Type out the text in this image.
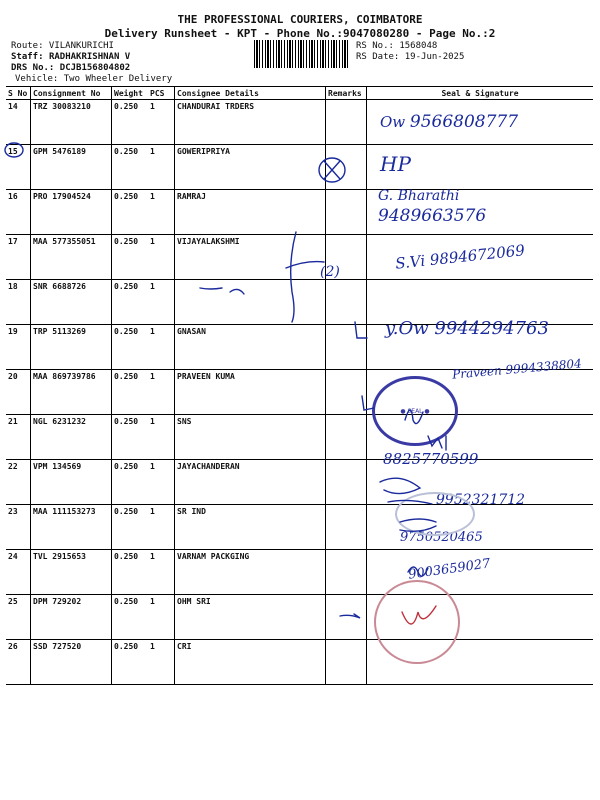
THE PROFESSIONAL COURIERS, COIMBATORE
Delivery Runsheet - KPT - Phone No.:9047080280 - Page No.:2
Route: VILANKURICHI
Staff: RADHAKRISHNAN V
DRS No.: DCJB156804802
Vehicle: Two Wheeler Delivery
RS No.: 1568048
RS Date: 19-Jun-2025
S No	Consignment No	Weight	PCS	Consignee Details	Remarks	Seal & Signature
14	TRZ 30083210	0.250	1	CHANDURAI TRDERS		
15	GPM 5476189	0.250	1	GOWERIPRIYA		
16	PRO 17904524	0.250	1	RAMRAJ		
17	MAA 577355051	0.250	1	VIJAYALAKSHMI		
18	SNR 6688726	0.250	1			
19	TRP 5113269	0.250	1	GNASAN		
20	MAA 869739786	0.250	1	PRAVEEN KUMA		
21	NGL 6231232	0.250	1	SNS		
22	VPM 134569	0.250	1	JAYACHANDERAN		
23	MAA 111153273	0.250	1	SR IND		
24	TVL 2915653	0.250	1	VARNAM PACKGING		
25	DPM 729202	0.250	1	OHM SRI		
26	SSD 727520	0.250	1	CRI		
Ow 9566808777
HP
G. Bharathi
9489663576
S.Vi 9894672069
(2)
y.Ow 9944294763
Praveen 9994338804
8825770599
9952321712
9750520465
9003659027
● SEAL ●
